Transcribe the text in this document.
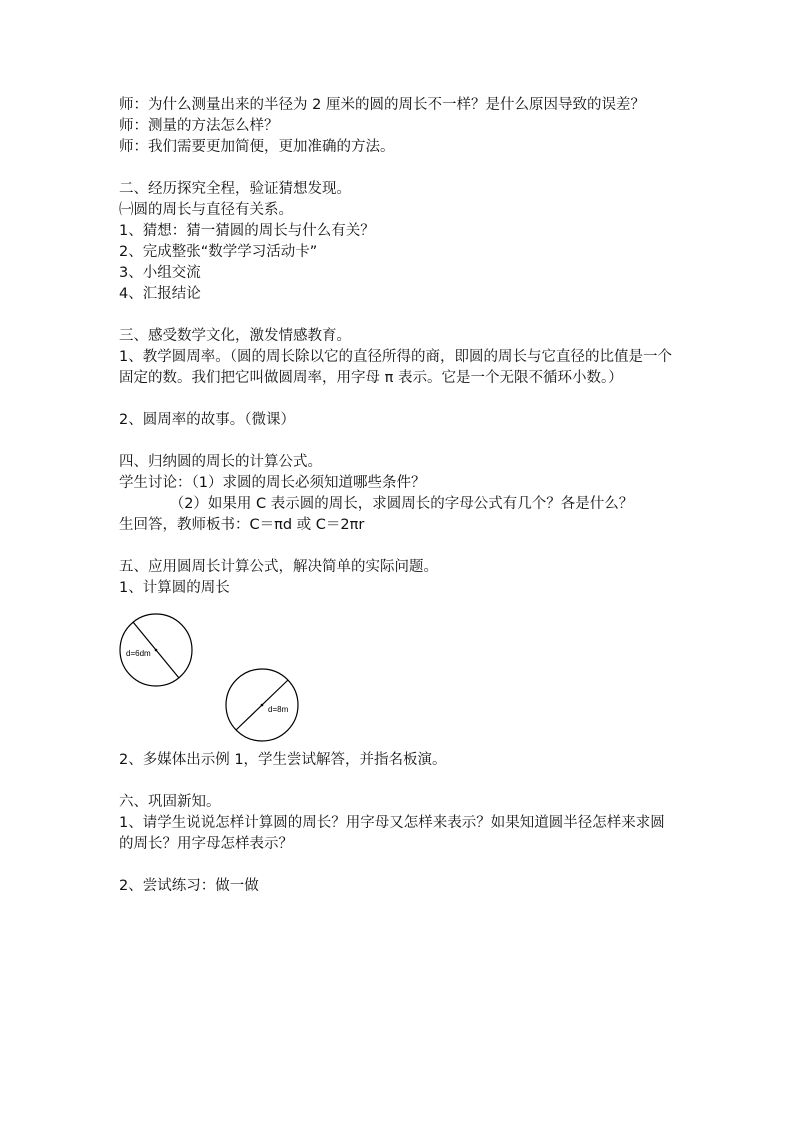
师：为什么测量出来的半径为 2 厘米的圆的周长不一样？是什么原因导致的误差？
师：测量的方法怎么样？
师：我们需要更加简便，更加准确的方法。
二、经历探究全程，验证猜想发现。
㈠圆的周长与直径有关系。
1、猜想：猜一猜圆的周长与什么有关？
2、完成整张“数学学习活动卡”
3、小组交流
4、汇报结论
三、感受数学文化，激发情感教育。
1、教学圆周率。（圆的周长除以它的直径所得的商，即圆的周长与它直径的比值是一个固定的数。我们把它叫做圆周率，用字母 π 表示。它是一个无限不循环小数。）
2、圆周率的故事。（微课）
四、归纳圆的周长的计算公式。
学生讨论：（1）求圆的周长必须知道哪些条件？
（2）如果用 C 表示圆的周长，求圆周长的字母公式有几个？各是什么？
生回答，教师板书：C＝πd 或 C＝2πr
五、应用圆周长计算公式，解决简单的实际问题。
1、计算圆的周长
d=6dm
d=8m
2、多媒体出示例 1，学生尝试解答，并指名板演。
六、巩固新知。
1、请学生说说怎样计算圆的周长？用字母又怎样来表示？如果知道圆半径怎样来求圆的周长？用字母怎样表示？
2、尝试练习：做一做
